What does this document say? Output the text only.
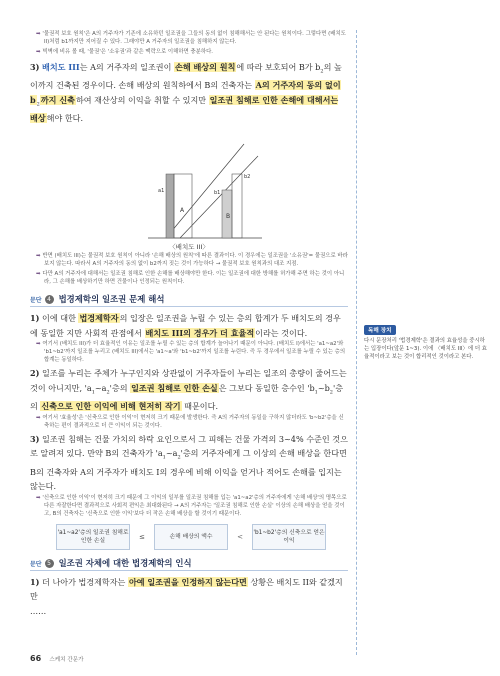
➡ '물권적 보호 원칙'은 A의 거주자가 기존에 소유하던 일조권을 그들의 동의 없이 침해해서는 안 된다는 원칙이다. 그렇다면 (배치도 II)처럼 b1까지만 지어질 수 있다. 그래야만 A 거주자의 일조권을 침해하지 않는다.

➡ 빅벽에 비유 볼 때, '물권'은 '소유권'과 같은 맥락으로 이해하면 충분하다.

3) 배치도 III는 A의 거주자의 일조권이 손해 배상의 원칙에 따라 보호되어 B가 $b_2$의 높이까지 건축된 경우이다. 손해 배상의 원칙하에서 B의 건축자는 A의 거주자의 동의 없이 $b_2$까지 신축하여 재산상의 이익을 취할 수 있지만 일조권 침해로 인한 손해에 대해서는 배상해야 한다.

a1	b1
b2
A
B
〈배치도 III〉

➡ 반면 (배치도 III)는 물권적 보호 원칙이 아니라 '손해 배상의 원칙'에 따른 결과이다. 이 경우에는 일조권을 '소유권'= 물권으로 바라보지 않는다. 따라서 A의 거주자의 동의 없이 b2까지 짓는 것이 가능하다 → 물권적 보호 원칙과의 대조 지점.

➡ 다만 A의 거주자에 대해서는 일조권 침해로 인한 손해를 배상해야만 한다. 이는 일조권에 대한 방해를 허가해 주면 하는 것이 아니라, 그 손해를 배상하기만 하면 건물이나 인정되는 원칙이다.

문단 4 법경제학의 일조권 문제 해석

1) 이에 대한 법경제학자의 입장은 일조권을 누릴 수 있는 층의 합계가 두 배치도의 경우에 동일한 지만 사회적 관점에서 배치도 III의 경우가 더 효율적이라는 것이다.

➡ 여기서 (배치도 III)가 더 효율적인 이유는 일조를 누릴 수 있는 층의 합계가 늘어나기 때문이 아니다. (배치도 I)에서는 'a1~a2'와 'b1~b2'까지 일조를 누리고 (배치도 III)에서는 'a1~a'와 'b1~b2'까지 일조를 누린다. 즉 두 경우에서 일조를 누릴 수 있는 층의 합계는 동일하다.

2) 일조를 누리는 주체가 누구인지와 상관없이 거주자들이 누리는 일조의 총량이 줄어드는 것이 아니지만, '$a_1\sim a_2$'층의 일조권 침해로 인한 손실은 그보다 동일한 층수인 '$b_1\sim b_2$'층의 신축으로 인한 이익에 비해 현저히 작기 때문이다.

➡ 여기서 '효율성'은 '신축으로 인한 이익'이 현저히 크기 때문에 발생한다. 즉 A의 거주자의 동일을 구하지 않더라도 'b~b2'층을 신축하는 편이 결과적으로 더 큰 이익이 되는 것이다.

3) 일조권 침해는 건물 가치의 하락 요인으로서 그 피해는 건물 가격의 3~4% 수준인 것으로 알려져 있다. 만약 B의 건축자가 '$a_1\sim a_2$'층의 거주자에게 그 이상의 손해 배상을 한다면 B의 건축자와 A의 거주자가 배치도 I의 경우에 비해 이익을 얻거나 적어도 손해를 입지는 않는다.

➡ '신축으로 인한 이익'이 현저히 크기 때문에 그 이익의 일부를 일조권 침해를 입는 'a1~a2'층의 거주자에게 '손해 배상'의 명목으로 다른 자잘한다면 결과적으로 사회적 편익은 최대화된다 → A의 거주자는 '일조권 침해로 인한 손실' 이상의 손해 배상을 얻을 것이고, B의 건축자는 '신축으로 인한 이익'보다 더 작은 손해 배상을 할 것이기 때문이다.

'a1~a2'층의 일조권 침해로 인한 손실	≤	손해 배상의 액수	< 'b1~b2'층의 신축으로 얻은 이익
문단 5 일조권 자체에 대한 법경제학의 인식

1) 더 나아가 법경제학자는 아예 일조권을 인정하지 않는다면 상황은 배치도 II와 같겠지만
……

독해 장치

다시 문장처리 '법경제학'은 결과의 효율성을 중시하는 입장이다(앞문 1~3). 이에 〈배치도 III〉에 더 효율적이라고 보는 것이 합리적인 것이라고 본다.

66 스케치 간문가
